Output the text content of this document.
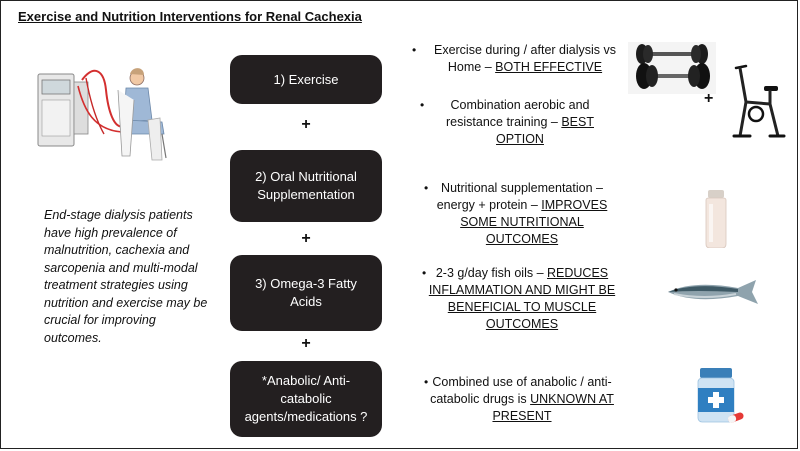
Exercise and Nutrition Interventions for Renal Cachexia
End-stage dialysis patients have high prevalence of malnutrition, cachexia and sarcopenia and multi-modal treatment strategies using nutrition and exercise may be crucial for improving outcomes.
1) Exercise
+
2) Oral Nutritional Supplementation
+
3) Omega-3 Fatty Acids
+
*Anabolic/ Anti-catabolic agents/medications ?
• Exercise during / after dialysis vs Home – BOTH EFFECTIVE
• Combination aerobic and resistance training – BEST OPTION
• Nutritional supplementation – energy + protein – IMPROVES SOME NUTRITIONAL OUTCOMES
• 2-3 g/day fish oils – REDUCES INFLAMMATION AND MIGHT BE BENEFICIAL TO MUSCLE OUTCOMES
• Combined use of anabolic / anti-catabolic drugs is UNKNOWN AT PRESENT
+
